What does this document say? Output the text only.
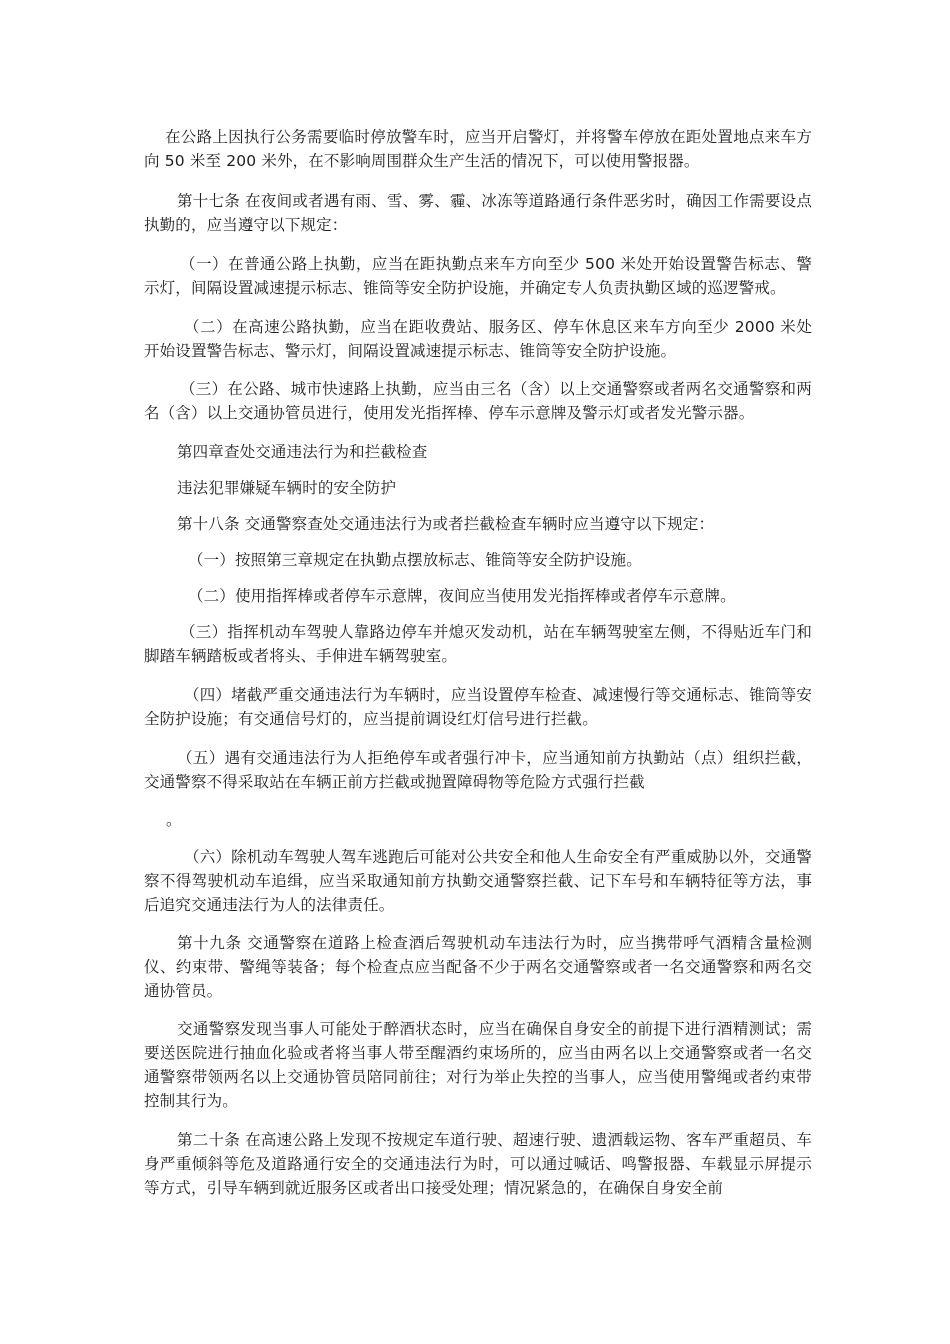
在公路上因执行公务需要临时停放警车时，应当开启警灯，并将警车停放在距处置地点来车方向 50 米至 200 米外，在不影响周围群众生产生活的情况下，可以使用警报器。

第十七条 在夜间或者遇有雨、雪、雾、霾、冰冻等道路通行条件恶劣时，确因工作需要设点执勤的，应当遵守以下规定：

（一）在普通公路上执勤，应当在距执勤点来车方向至少 500 米处开始设置警告标志、警示灯，间隔设置减速提示标志、锥筒等安全防护设施，并确定专人负责执勤区域的巡逻警戒。

（二）在高速公路执勤，应当在距收费站、服务区、停车休息区来车方向至少 2000 米处开始设置警告标志、警示灯，间隔设置减速提示标志、锥筒等安全防护设施。

（三）在公路、城市快速路上执勤，应当由三名（含）以上交通警察或者两名交通警察和两名（含）以上交通协管员进行，使用发光指挥棒、停车示意牌及警示灯或者发光警示器。

第四章查处交通违法行为和拦截检查

违法犯罪嫌疑车辆时的安全防护

第十八条 交通警察查处交通违法行为或者拦截检查车辆时应当遵守以下规定：

（一）按照第三章规定在执勤点摆放标志、锥筒等安全防护设施。

（二）使用指挥棒或者停车示意牌，夜间应当使用发光指挥棒或者停车示意牌。

（三）指挥机动车驾驶人靠路边停车并熄灭发动机，站在车辆驾驶室左侧，不得贴近车门和脚踏车辆踏板或者将头、手伸进车辆驾驶室。

（四）堵截严重交通违法行为车辆时，应当设置停车检查、减速慢行等交通标志、锥筒等安全防护设施；有交通信号灯的，应当提前调设红灯信号进行拦截。

（五）遇有交通违法行为人拒绝停车或者强行冲卡，应当通知前方执勤站（点）组织拦截，交通警察不得采取站在车辆正前方拦截或抛置障碍物等危险方式强行拦截

。

（六）除机动车驾驶人驾车逃跑后可能对公共安全和他人生命安全有严重威胁以外，交通警察不得驾驶机动车追缉，应当采取通知前方执勤交通警察拦截、记下车号和车辆特征等方法，事后追究交通违法行为人的法律责任。

第十九条 交通警察在道路上检查酒后驾驶机动车违法行为时，应当携带呼气酒精含量检测仪、约束带、警绳等装备；每个检查点应当配备不少于两名交通警察或者一名交通警察和两名交通协管员。

交通警察发现当事人可能处于醉酒状态时，应当在确保自身安全的前提下进行酒精测试；需要送医院进行抽血化验或者将当事人带至醒酒约束场所的，应当由两名以上交通警察或者一名交通警察带领两名以上交通协管员陪同前往；对行为举止失控的当事人，应当使用警绳或者约束带控制其行为。

第二十条 在高速公路上发现不按规定车道行驶、超速行驶、遗洒载运物、客车严重超员、车身严重倾斜等危及道路通行安全的交通违法行为时，可以通过喊话、鸣警报器、车载显示屏提示等方式，引导车辆到就近服务区或者出口接受处理；情况紧急的，在确保自身安全前
